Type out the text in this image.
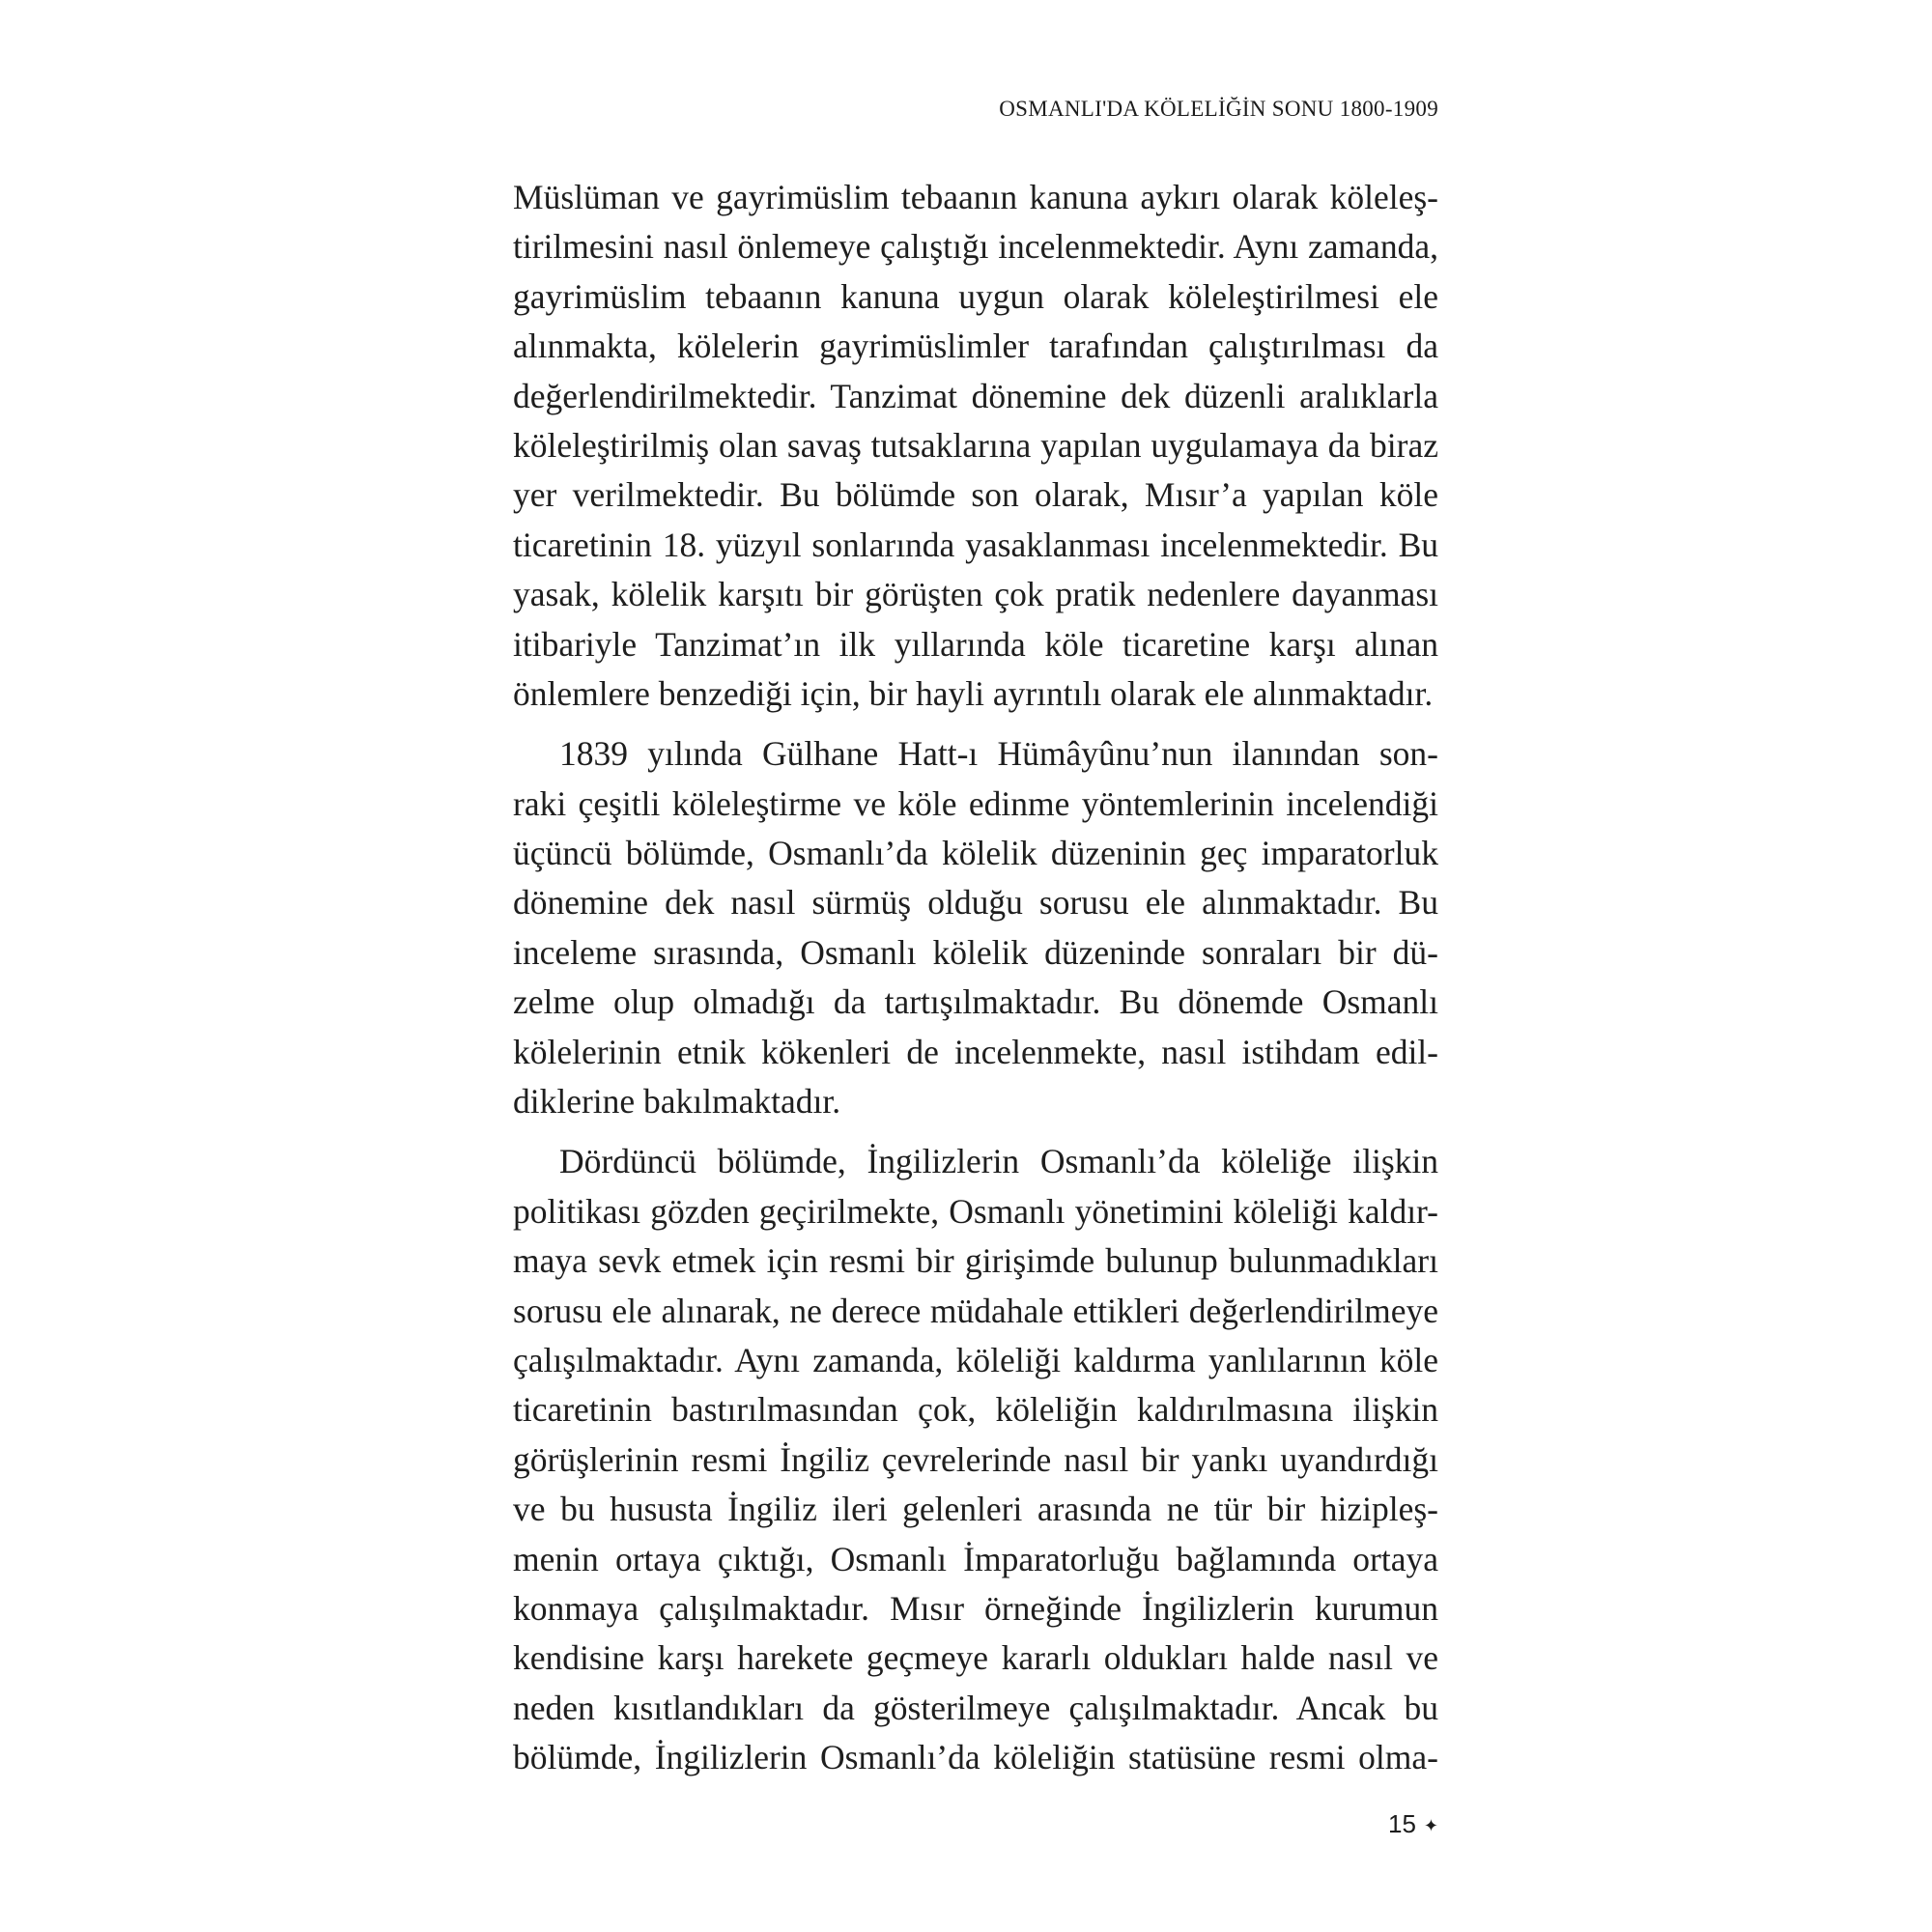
OSMANLI'DA KÖLELİĞİN SONU 1800-1909
Müslüman ve gayrimüslim tebaanın kanuna aykırı olarak köleleş-
tirilmesini nasıl önlemeye çalıştığı incelenmektedir. Aynı zamanda,
gayrimüslim tebaanın kanuna uygun olarak köleleştirilmesi ele
alınmakta, kölelerin gayrimüslimler tarafından çalıştırılması da
değerlendirilmektedir. Tanzimat dönemine dek düzenli aralıklarla
köleleştirilmiş olan savaş tutsaklarına yapılan uygulamaya da biraz
yer verilmektedir. Bu bölümde son olarak, Mısır’a yapılan köle
ticaretinin 18. yüzyıl sonlarında yasaklanması incelenmektedir. Bu
yasak, kölelik karşıtı bir görüşten çok pratik nedenlere dayanması
itibariyle Tanzimat’ın ilk yıllarında köle ticaretine karşı alınan
önlemlere benzediği için, bir hayli ayrıntılı olarak ele alınmaktadır.
1839 yılında Gülhane Hatt-ı Hümâyûnu’nun ilanından son-
raki çeşitli köleleştirme ve köle edinme yöntemlerinin incelendiği
üçüncü bölümde, Osmanlı’da kölelik düzeninin geç imparatorluk
dönemine dek nasıl sürmüş olduğu sorusu ele alınmaktadır. Bu
inceleme sırasında, Osmanlı kölelik düzeninde sonraları bir dü-
zelme olup olmadığı da tartışılmaktadır. Bu dönemde Osmanlı
kölelerinin etnik kökenleri de incelenmekte, nasıl istihdam edil-
diklerine bakılmaktadır.
Dördüncü bölümde, İngilizlerin Osmanlı’da köleliğe ilişkin
politikası gözden geçirilmekte, Osmanlı yönetimini köleliği kaldır-
maya sevk etmek için resmi bir girişimde bulunup bulunmadıkları
sorusu ele alınarak, ne derece müdahale ettikleri değerlendirilmeye
çalışılmaktadır. Aynı zamanda, köleliği kaldırma yanlılarının köle
ticaretinin bastırılmasından çok, köleliğin kaldırılmasına ilişkin
görüşlerinin resmi İngiliz çevrelerinde nasıl bir yankı uyandırdığı
ve bu hususta İngiliz ileri gelenleri arasında ne tür bir hizipleş-
menin ortaya çıktığı, Osmanlı İmparatorluğu bağlamında ortaya
konmaya çalışılmaktadır. Mısır örneğinde İngilizlerin kurumun
kendisine karşı harekete geçmeye kararlı oldukları halde nasıl ve
neden kısıtlandıkları da gösterilmeye çalışılmaktadır. Ancak bu
bölümde, İngilizlerin Osmanlı’da köleliğin statüsüne resmi olma-
15 ✦
